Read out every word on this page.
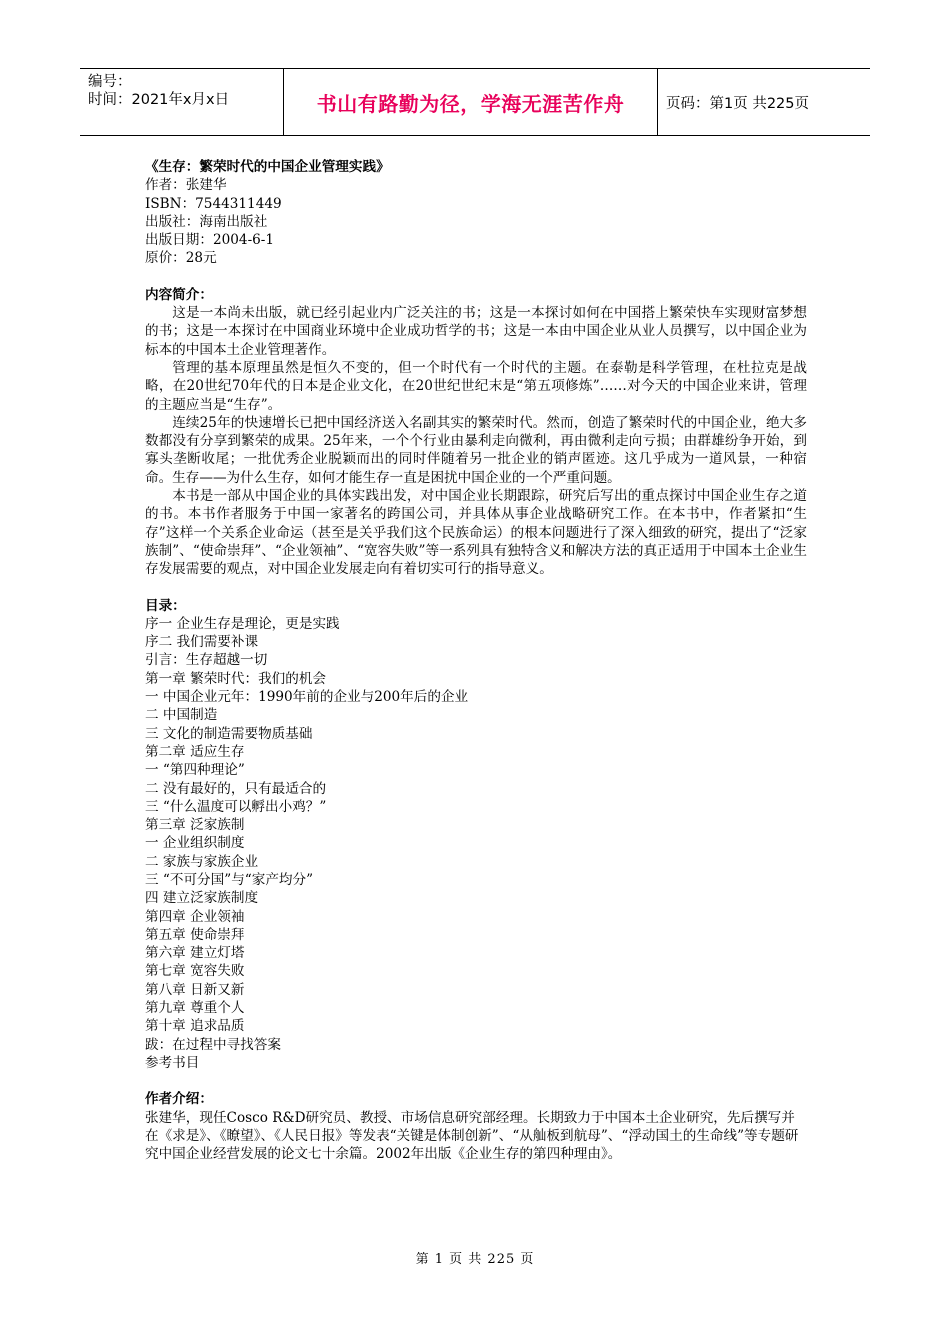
编号：
时间：2021年x月x日	书山有路勤为径，学海无涯苦作舟	页码：第1页 共225页

《生存：繁荣时代的中国企业管理实践》

作者：张建华

ISBN：7544311449

出版社：海南出版社

出版日期：2004-6-1

原价：28元

内容简介：

这是一本尚未出版，就已经引起业内广泛关注的书；这是一本探讨如何在中国搭上繁荣快车实现财富梦想的书；这是一本探讨在中国商业环境中企业成功哲学的书；这是一本由中国企业从业人员撰写，以中国企业为标本的中国本土企业管理著作。

管理的基本原理虽然是恒久不变的，但一个时代有一个时代的主题。在泰勒是科学管理，在杜拉克是战略，在20世纪70年代的日本是企业文化，在20世纪世纪末是“第五项修炼”……对今天的中国企业来讲，管理的主题应当是“生存”。

连续25年的快速增长已把中国经济送入名副其实的繁荣时代。然而，创造了繁荣时代的中国企业，绝大多数都没有分享到繁荣的成果。25年来，一个个行业由暴利走向微利，再由微利走向亏损；由群雄纷争开始，到寡头垄断收尾；一批优秀企业脱颖而出的同时伴随着另一批企业的销声匿迹。这几乎成为一道风景，一种宿命。生存——为什么生存，如何才能生存一直是困扰中国企业的一个严重问题。

本书是一部从中国企业的具体实践出发，对中国企业长期跟踪，研究后写出的重点探讨中国企业生存之道的书。本书作者服务于中国一家著名的跨国公司，并具体从事企业战略研究工作。在本书中，作者紧扣“生存”这样一个关系企业命运（甚至是关乎我们这个民族命运）的根本问题进行了深入细致的研究，提出了“泛家族制”、“使命崇拜”、“企业领袖”、“宽容失败”等一系列具有独特含义和解决方法的真正适用于中国本土企业生存发展需要的观点，对中国企业发展走向有着切实可行的指导意义。

目录：

序一 企业生存是理论，更是实践
序二 我们需要补课
引言：生存超越一切
第一章 繁荣时代：我们的机会
一 中国企业元年：1990年前的企业与200年后的企业
二 中国制造
三 文化的制造需要物质基础
第二章 适应生存
一 “第四种理论”
二 没有最好的，只有最适合的
三 “什么温度可以孵出小鸡？”
第三章 泛家族制
一 企业组织制度
二 家族与家族企业
三 “不可分国”与“家产均分”
四 建立泛家族制度
第四章 企业领袖
第五章 使命崇拜
第六章 建立灯塔
第七章 宽容失败
第八章 日新又新
第九章 尊重个人
第十章 追求品质
跋：在过程中寻找答案
参考书目

作者介绍：

张建华，现任Cosco R&D研究员、教授、市场信息研究部经理。长期致力于中国本土企业研究，先后撰写并在《求是》、《瞭望》、《人民日报》等发表“关键是体制创新”、“从舢板到航母”、“浮动国土的生命线”等专题研究中国企业经营发展的论文七十余篇。2002年出版《企业生存的第四种理由》。

第 1 页 共 225 页
